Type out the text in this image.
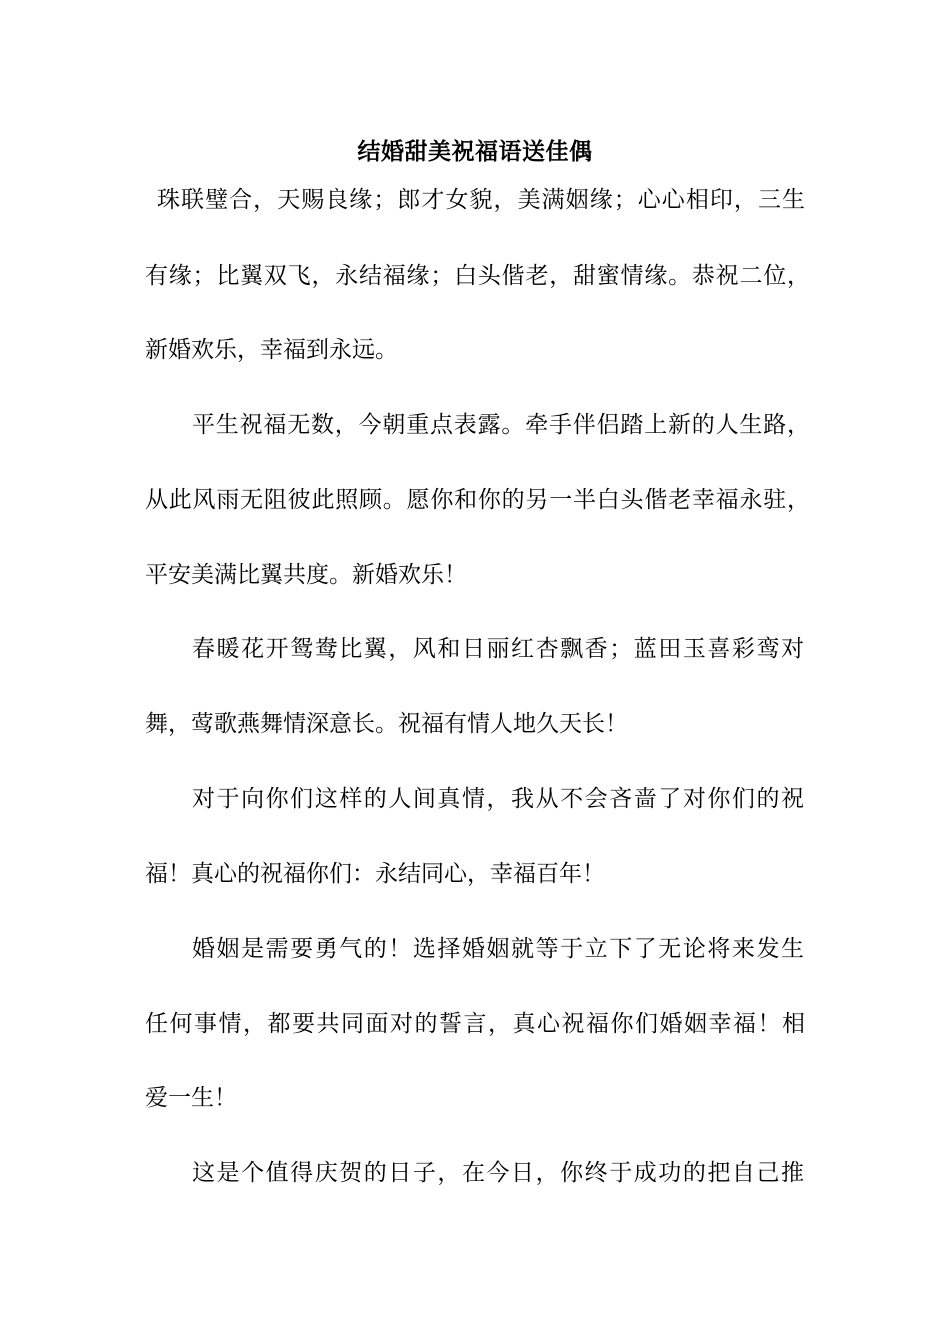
结婚甜美祝福语送佳偶
珠联璧合，天赐良缘；郎才女貌，美满姻缘；心心相印，三生
有缘；比翼双飞，永结福缘；白头偕老，甜蜜情缘。恭祝二位，
新婚欢乐，幸福到永远。
平生祝福无数，今朝重点表露。牵手伴侣踏上新的人生路，
从此风雨无阻彼此照顾。愿你和你的另一半白头偕老幸福永驻，
平安美满比翼共度。新婚欢乐！
春暖花开鸳鸯比翼，风和日丽红杏飘香；蓝田玉喜彩鸾对
舞，莺歌燕舞情深意长。祝福有情人地久天长！
对于向你们这样的人间真情，我从不会吝啬了对你们的祝
福！真心的祝福你们：永结同心，幸福百年！
婚姻是需要勇气的！选择婚姻就等于立下了无论将来发生
任何事情，都要共同面对的誓言，真心祝福你们婚姻幸福！相
爱一生！
这是个值得庆贺的日子，在今日，你终于成功的把自己推
